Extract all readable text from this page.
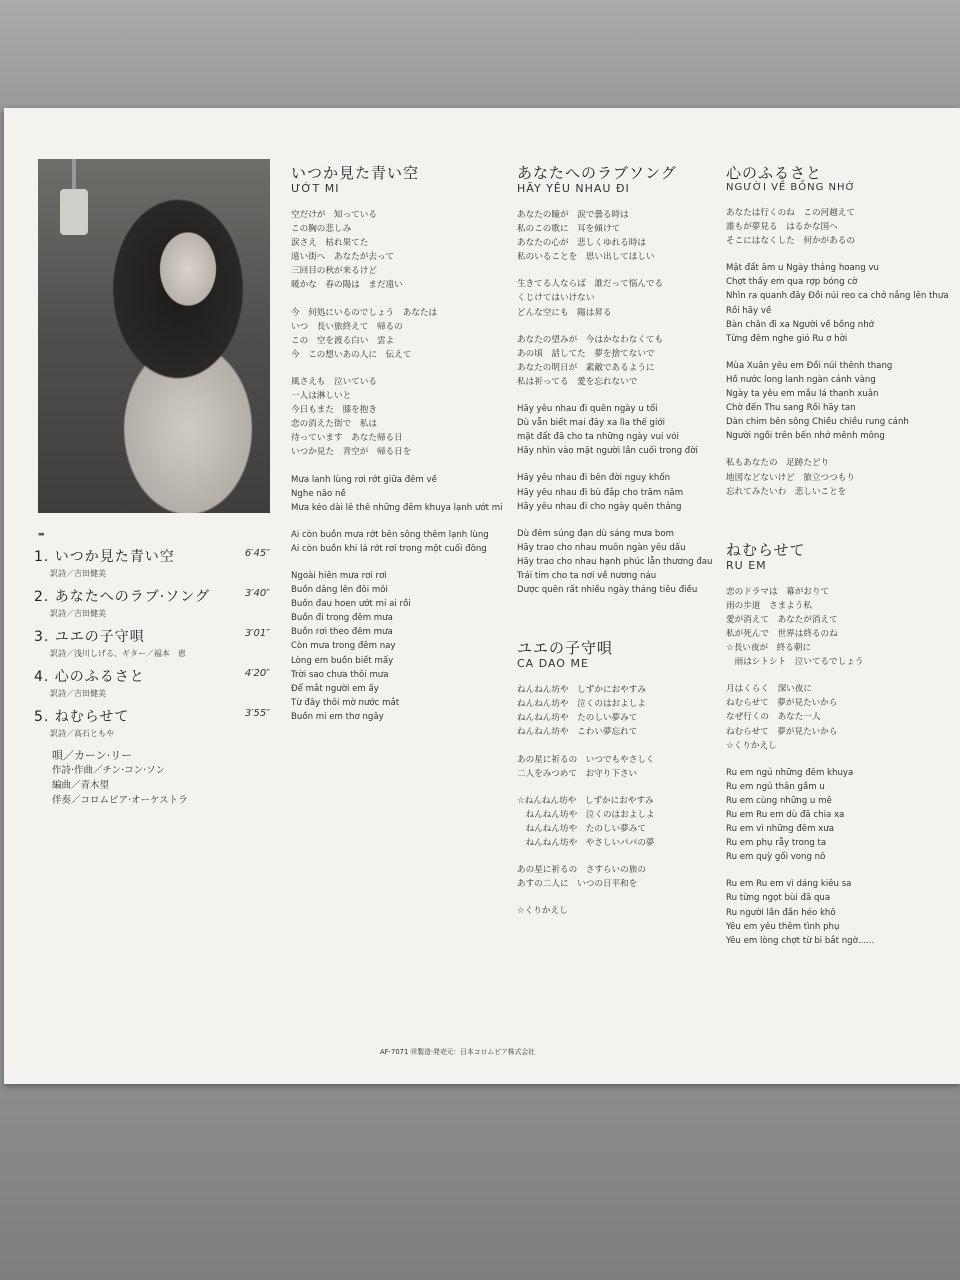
▬
1. いつか見た青い空	6′45″
訳詩／吉田健美
2. あなたへのラブ·ソング	3′40″
訳詩／吉田健美
3. ユエの子守唄	3′01″
訳詩／浅川しげる、ギター／福本　恵
4. 心のふるさと	4′20″
訳詩／吉田健美
5. ねむらせて	3′55″
訳詩／高石ともや
唄／カーン·リー
作詩·作曲／チン·コン·ソン
編曲／青木望
伴奏／コロムビア·オーケストラ
いつか見た青い空
ƯỚT MI
空だけが　知っている
この胸の悲しみ
涙さえ　枯れ果てた
遠い街へ　あなたが去って
三回目の秋が来るけど
暖かな　春の陽は　まだ遠い
今　何処にいるのでしょう　あなたは
いつ　長い旅終えて　帰るの
この　空を渡る白い　雲よ
今　この想いあの人に　伝えて
風さえも　泣いている
一人は淋しいと
今日もまた　膝を抱き
恋の消えた街で　私は
待っています　あなた帰る日
いつか見た　青空が　帰る日を
Mưa lanh lùng rơi rớt giữa đêm về
Nghe não nề
Mưa kéo dài lê thê những đêm khuya lạnh ướt mi
Ai còn buồn mưa rớt bên sông thêm lạnh lùng
Ai còn buồn khi lá rớt rơi trong một cuối đông
Ngoài hiên mưa rơi rơi
Buồn dâng lên đôi môi
Buồn đau hoen ướt mi ai rồi
Buồn đi trong đêm mưa
Buồn rơi theo đêm mưa
Còn mưa trong đêm nay
Lòng em buồn biết mấy
Trời sao chưa thôi mưa
Để mắt người em ấy
Từ đây thôi mờ nước mắt
Buồn mi em thơ ngây
あなたへのラブソング
HÃY YÊU NHAU ĐI
あなたの瞳が　涙で曇る時は
私のこの歌に　耳を傾けて
あなたの心が　悲しくゆれる時は
私のいることを　思い出してほしい
生きてる人ならば　誰だって悩んでる
くじけてはいけない
どんな空にも　陽は昇る
あなたの望みが　今はかなわなくても
あの頃　話してた　夢を捨てないで
あなたの明日が　素敵であるように
私は祈ってる　愛を忘れないで
Hãy yêu nhau đi quên ngày u tối
Dù vẫn biết mai đây xa lìa thế giới
mặt đất đã cho ta những ngày vui vói
Hãy nhìn vào mặt người lần cuối trong đời
Hãy yêu nhau đi bên đời nguy khốn
Hãy yêu nhau đi bù đắp cho trăm năm
Hãy yêu nhau đi cho ngày quên tháng
Dù đêm súng đạn dù sáng mưa bom
Hãy trao cho nhau muôn ngàn yêu dấu
Hãy trao cho nhau hạnh phúc lẫn thương đau
Trái tim cho ta nơi về nương náu
Dược quên rất nhiều ngày tháng tiêu điều
ユエの子守唄
CA DAO ME
ねんねん坊や　しずかにおやすみ
ねんねん坊や　泣くのはおよしよ
ねんねん坊や　たのしい夢みて
ねんねん坊や　こわい夢忘れて
あの星に祈るの　いつでもやさしく
二人をみつめて　お守り下さい
☆ねんねん坊や　しずかにおやすみ
　ねんねん坊や　泣くのはおよしよ
　ねんねん坊や　たのしい夢みて
　ねんねん坊や　やさしいパパの夢
あの星に祈るの　さすらいの旅の
あすの二人に　いつの日平和を
☆くりかえし
心のふるさと
NGƯỜI VỀ BỒNG NHỚ
あなたは行くのね　この河越えて
誰もが夢見る　はるかな国へ
そこにはなくした　何かがあるの
Mật đất âm u Ngày tháng hoang vu
Chợt thấy em qua rợp bóng cờ
Nhìn ra quanh đây Đồi núi reo ca chở nắng lên thưa
Rồi hãy về
Bàn chân đi xa Người về bồng nhớ
Từng đêm nghe gió Ru ơ hời
Mùa Xuân yêu em Đồi núi thênh thang
Hồ nước long lanh ngàn cánh vàng
Ngày ta yêu em mầu lá thanh xuân
Chờ đến Thu sang Rồi hãy tan
Dàn chim bên sông Chiều chiều rung cánh
Người ngồi trên bến nhớ mênh mông
私もあなたの　足跡たどり
地図などないけど　旅立つつもり
忘れてみたいわ　悲しいことを
ねむらせて
RU EM
恋のドラマは　幕がおりて
雨の歩道　さまよう私
愛が消えて　あなたが消えて
私が死んで　世界は終るのね
☆長い夜が　終る朝に
　雨はシトシト　泣いてるでしょう
月はくらく　深い夜に
ねむらせて　夢が見たいから
なぜ行くの　あなた一人
ねむらせて　夢が見たいから
☆くりかえし
Ru em ngủ những đêm khuya
Ru em ngủ thân gầm u
Ru em cùng những u mê
Ru em Ru em dù đã chia xa
Ru em vì những đêm xưa
Ru em phụ rẫy trong ta
Ru em quỳ gối vong nô
Ru em Ru em vì dáng kiêu sa
Ru từng ngọt bùi đã qua
Ru người lần đần héo khô
Yêu em yêu thêm tình phụ
Yêu em lòng chợt từ bi bắt ngờ......
AF-7071 ㊞製造·発売元：日本コロムビア株式会社
